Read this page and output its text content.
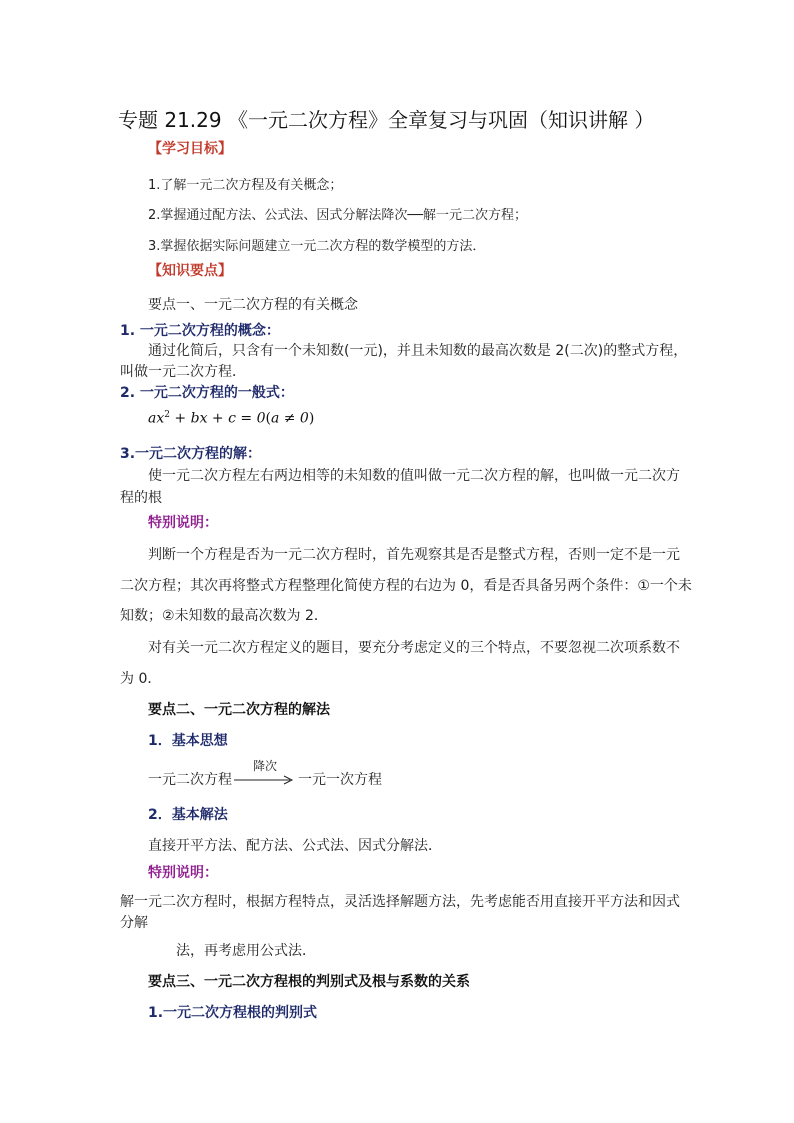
专题 21.29 《一元二次方程》全章复习与巩固（知识讲解 ）
【学习目标】
1.了解一元二次方程及有关概念；
2.掌握通过配方法、公式法、因式分解法降次──解一元二次方程；
3.掌握依据实际问题建立一元二次方程的数学模型的方法．
【知识要点】
要点一、一元二次方程的有关概念
1. 一元二次方程的概念：
通过化简后，只含有一个未知数(一元)，并且未知数的最高次数是 2(二次)的整式方程，
叫做一元二次方程．
2. 一元二次方程的一般式：
$ax^2$ + bx + c = 0(a ≠ 0)
3.一元二次方程的解：
使一元二次方程左右两边相等的未知数的值叫做一元二次方程的解，也叫做一元二次方
程的根
特别说明：
判断一个方程是否为一元二次方程时，首先观察其是否是整式方程，否则一定不是一元
二次方程；其次再将整式方程整理化简使方程的右边为 0，看是否具备另两个条件：①一个未
知数；②未知数的最高次数为 2．
对有关一元二次方程定义的题目，要充分考虑定义的三个特点，不要忽视二次项系数不
为 0．
要点二、一元二次方程的解法
1．基本思想
一元二次方程
降次
一元一次方程
2．基本解法
直接开平方法、配方法、公式法、因式分解法．
特别说明：
解一元二次方程时，根据方程特点，灵活选择解题方法，先考虑能否用直接开平方法和因式
分解
法，再考虑用公式法．
要点三、一元二次方程根的判别式及根与系数的关系
1.一元二次方程根的判别式
